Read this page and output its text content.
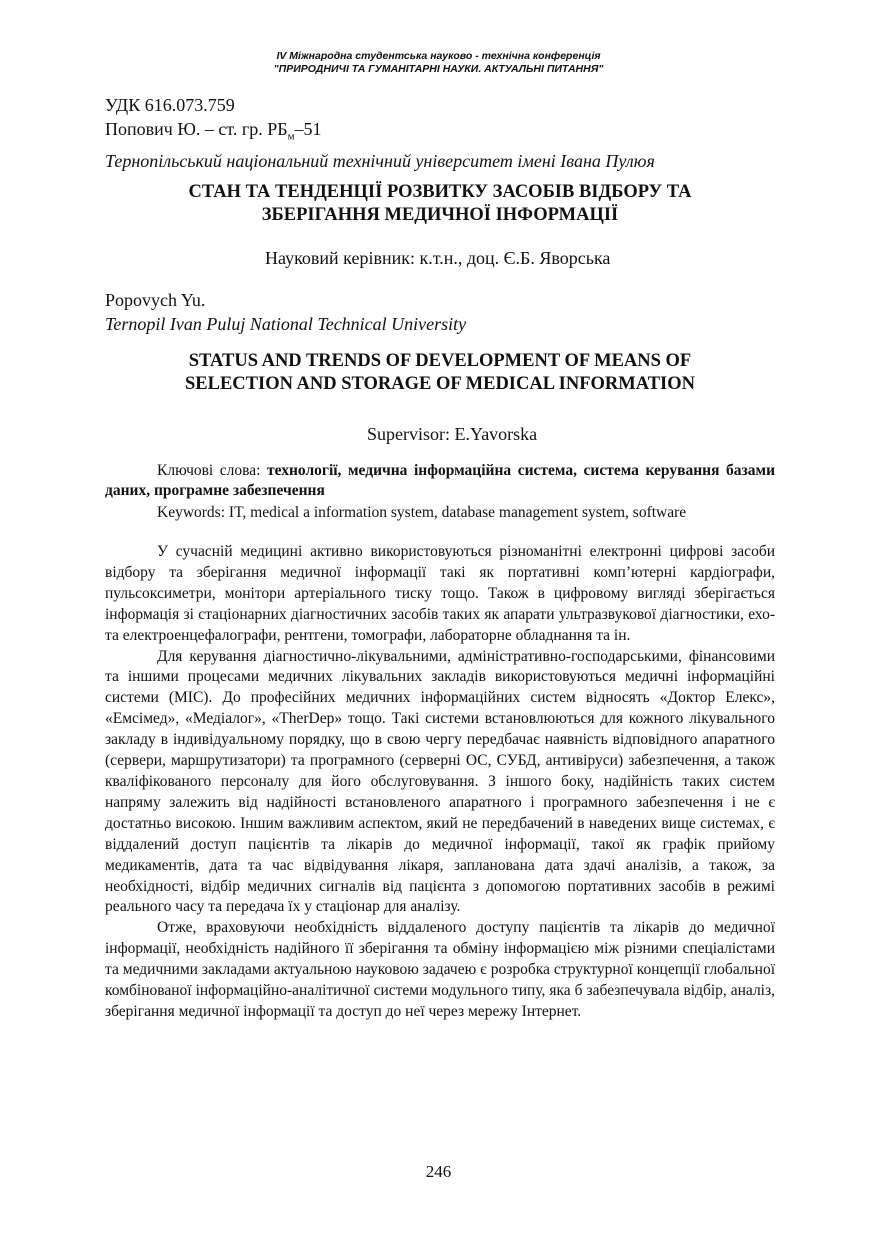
IV Міжнародна студентська науково - технічна конференція
"ПРИРОДНИЧІ ТА ГУМАНІТАРНІ НАУКИ. АКТУАЛЬНІ ПИТАННЯ"
УДК 616.073.759
Попович Ю. – ст. гр. $РБ_м-51$
Тернопільський національний технічний університет імені Івана Пулюя
СТАН ТА ТЕНДЕНЦІЇ РОЗВИТКУ ЗАСОБІВ ВІДБОРУ ТА
ЗБЕРІГАННЯ МЕДИЧНОЇ ІНФОРМАЦІЇ
Науковий керівник: к.т.н., доц. Є.Б. Яворська
Popovych Yu.
Ternopil Ivan Puluj National Technical University
STATUS AND TRENDS OF DEVELOPMENT OF MEANS OF
SELECTION AND STORAGE OF MEDICAL INFORMATION
Supervisor: E.Yavorska
Ключові слова: технології, медична інформаційна система, система керування базами даних, програмне забезпечення
Keywords: IT, medical a information system, database management system, software

У сучасній медицині активно використовуються різноманітні електронні цифрові засоби відбору та зберігання медичної інформації такі як портативні комп’ютерні кардіографи, пульсоксиметри, монітори артеріального тиску тощо. Також в цифровому вигляді зберігається інформація зі стаціонарних діагностичних засобів таких як апарати ультразвукової діагностики, ехо- та електроенцефалографи, рентгени, томографи, лабораторне обладнання та ін.

Для керування діагностично-лікувальними, адміністративно-господарськими, фінансовими та іншими процесами медичних лікувальних закладів використовуються медичні інформаційні системи (МІС). До професійних медичних інформаційних систем відносять «Доктор Елекс», «Емсімед», «Медіалог», «TherDep» тощо. Такі системи встановлюються для кожного лікувального закладу в індивідуальному порядку, що в свою чергу передбачає наявність відповідного апаратного (сервери, маршрутизатори) та програмного (серверні ОС, СУБД, антивіруси) забезпечення, а також кваліфікованого персоналу для його обслуговування. З іншого боку, надійність таких систем напряму залежить від надійності встановленого апаратного і програмного забезпечення і не є достатньо високою. Іншим важливим аспектом, який не передбачений в наведених вище системах, є віддалений доступ пацієнтів та лікарів до медичної інформації, такої як графік прийому медикаментів, дата та час відвідування лікаря, запланована дата здачі аналізів, а також, за необхідності, відбір медичних сигналів від пацієнта з допомогою портативних засобів в режимі реального часу та передача їх у стаціонар для аналізу.

Отже, враховуючи необхідність віддаленого доступу пацієнтів та лікарів до медичної інформації, необхідність надійного її зберігання та обміну інформацією між різними спеціалістами та медичними закладами актуальною науковою задачею є розробка структурної концепції глобальної комбінованої інформаційно-аналітичної системи модульного типу, яка б забезпечувала відбір, аналіз, зберігання медичної інформації та доступ до неї через мережу Інтернет.

246
